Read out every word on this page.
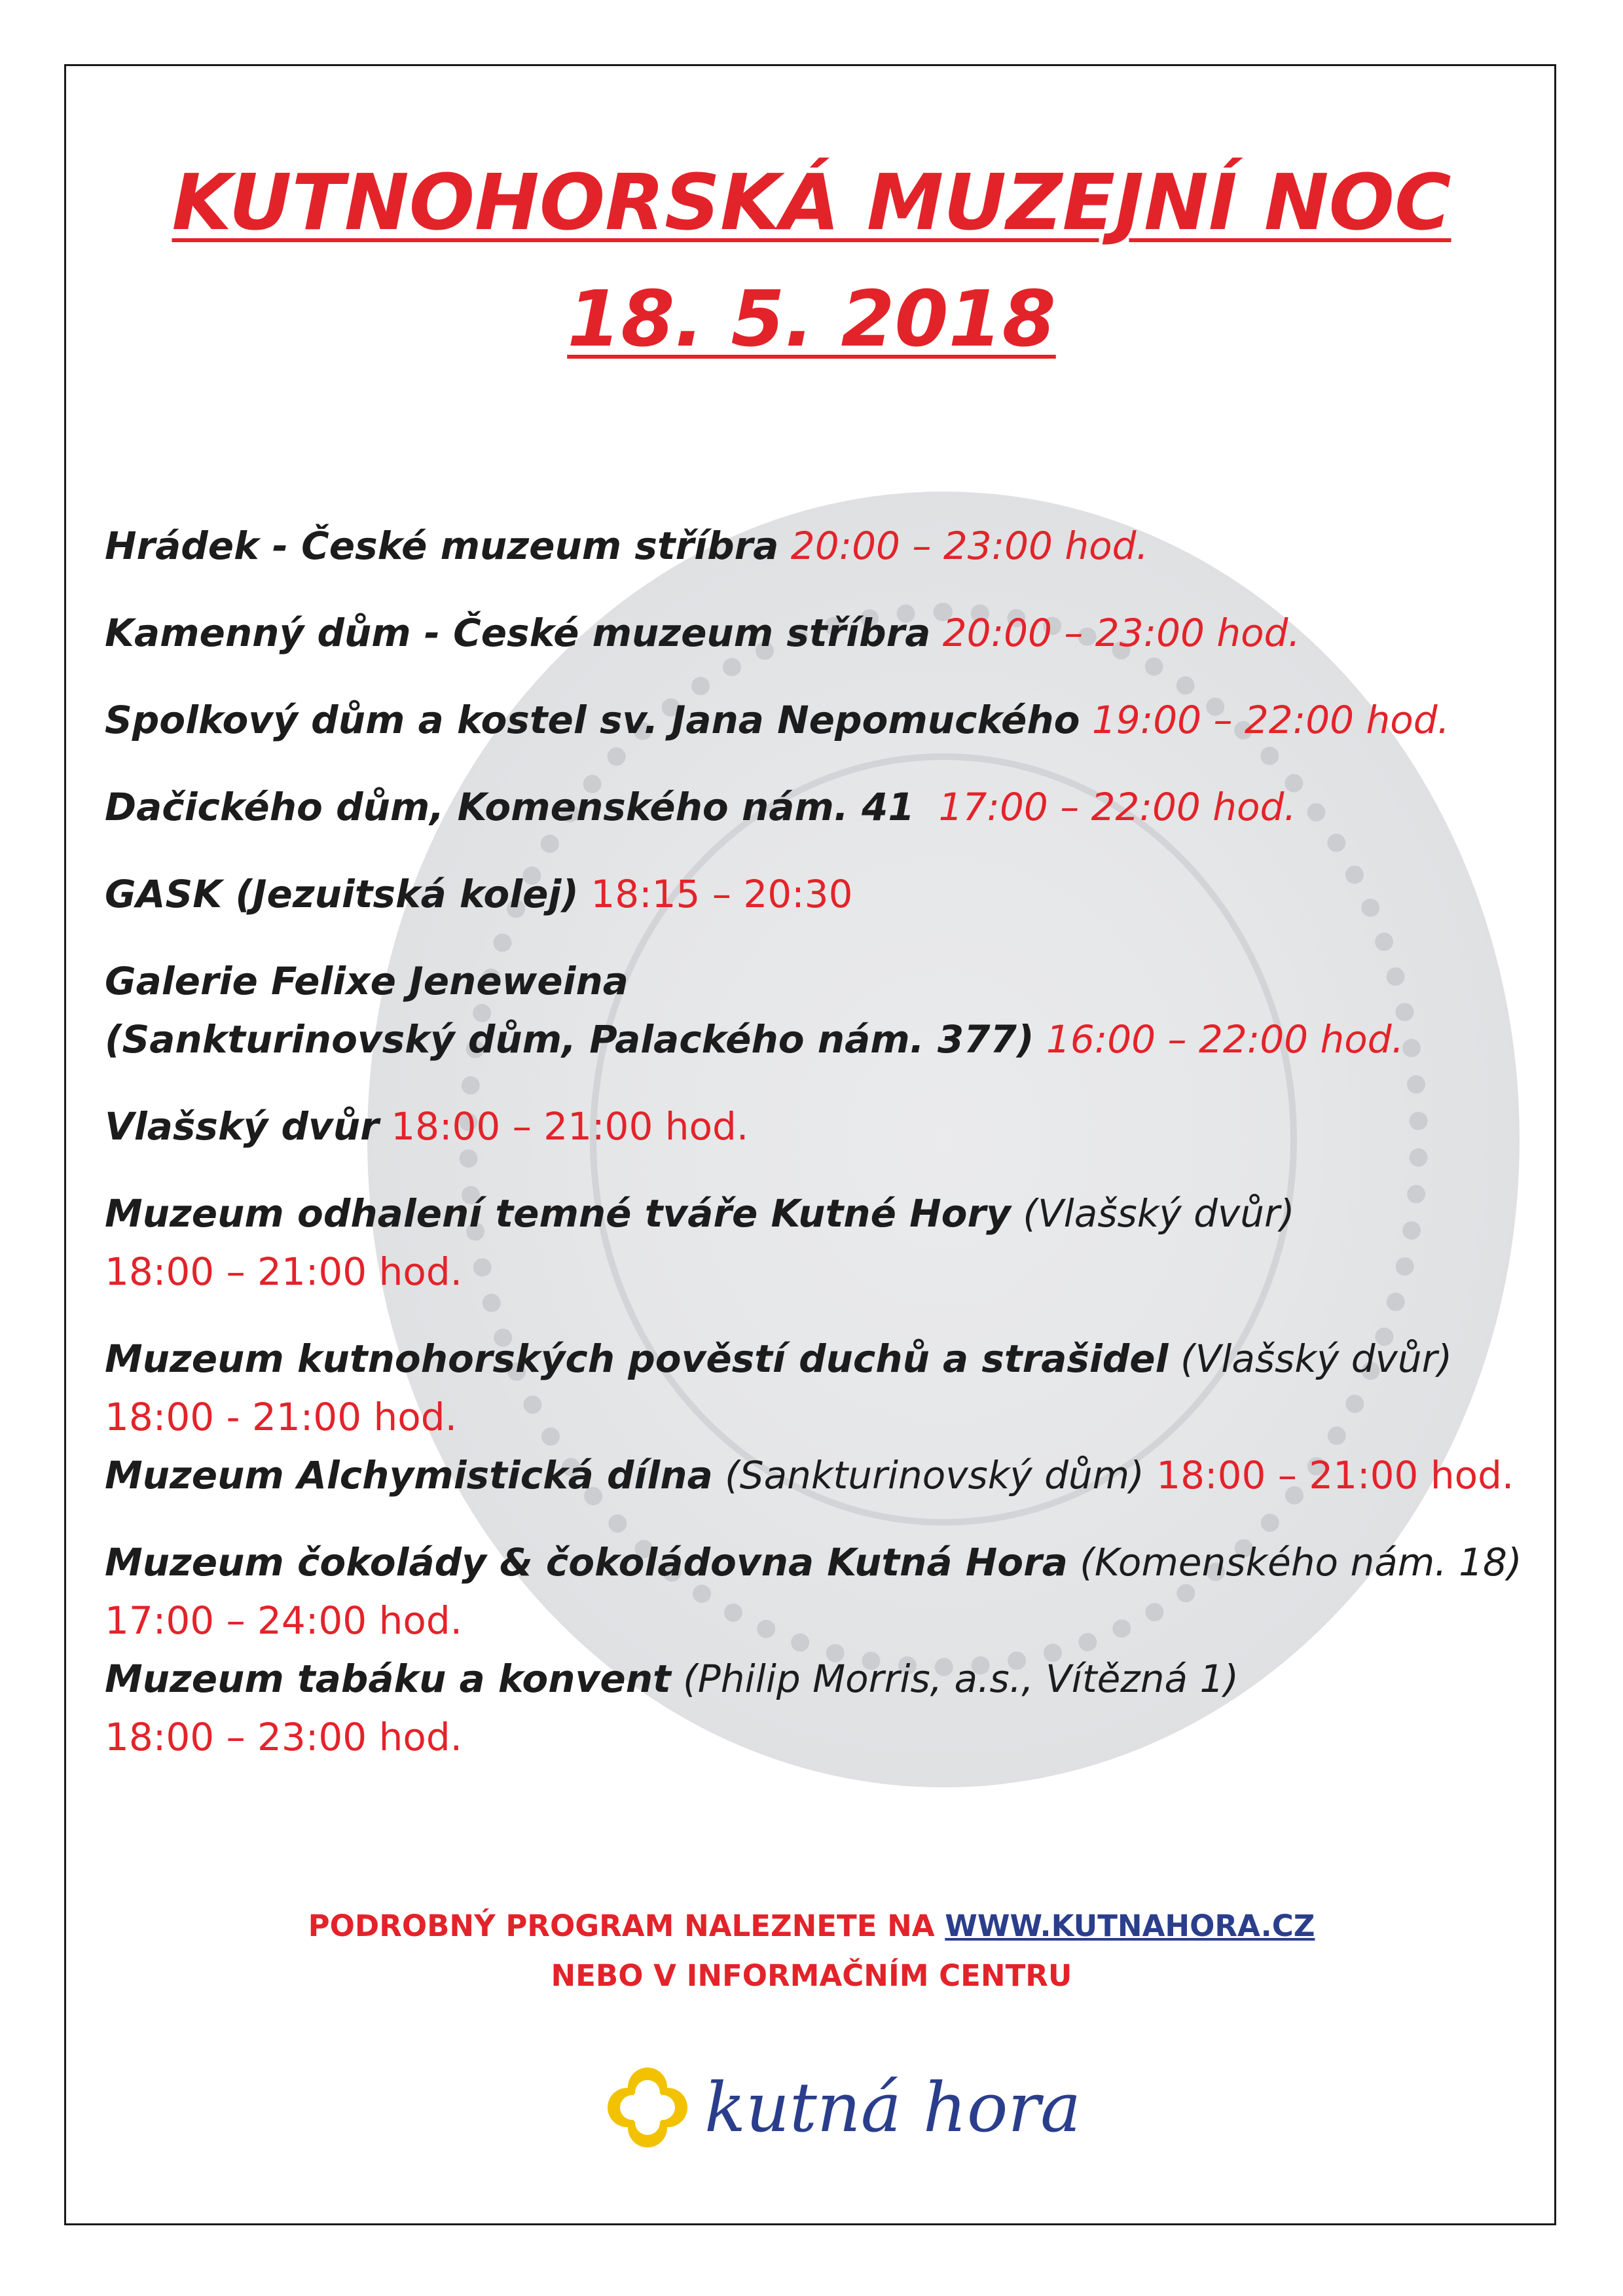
KUTNOHORSKÁ MUZEJNÍ NOC
18. 5. 2018

Hrádek - České muzeum stříbra 20:00 – 23:00 hod.

Kamenný dům - České muzeum stříbra 20:00 – 23:00 hod.

Spolkový dům a kostel sv. Jana Nepomuckého 19:00 – 22:00 hod.

Dačického dům, Komenského nám. 41 17:00 – 22:00 hod.

GASK (Jezuitská kolej) 18:15 – 20:30

Galerie Felixe Jeneweina

(Sankturinovský dům, Palackého nám. 377) 16:00 – 22:00 hod.

Vlašský dvůr 18:00 – 21:00 hod.

Muzeum odhalení temné tváře Kutné Hory (Vlašský dvůr)

18:00 – 21:00 hod.

Muzeum kutnohorských pověstí duchů a strašidel (Vlašský dvůr)

18:00 - 21:00 hod.

Muzeum Alchymistická dílna (Sankturinovský dům) 18:00 – 21:00 hod.

Muzeum čokolády & čokoládovna Kutná Hora (Komenského nám. 18)

17:00 – 24:00 hod.

Muzeum tabáku a konvent (Philip Morris, a.s., Vítězná 1)

18:00 – 23:00 hod.

PODROBNÝ PROGRAM NALEZNETE NA WWW.KUTNAHORA.CZ
NEBO V INFORMAČNÍM CENTRU
kutná hora
